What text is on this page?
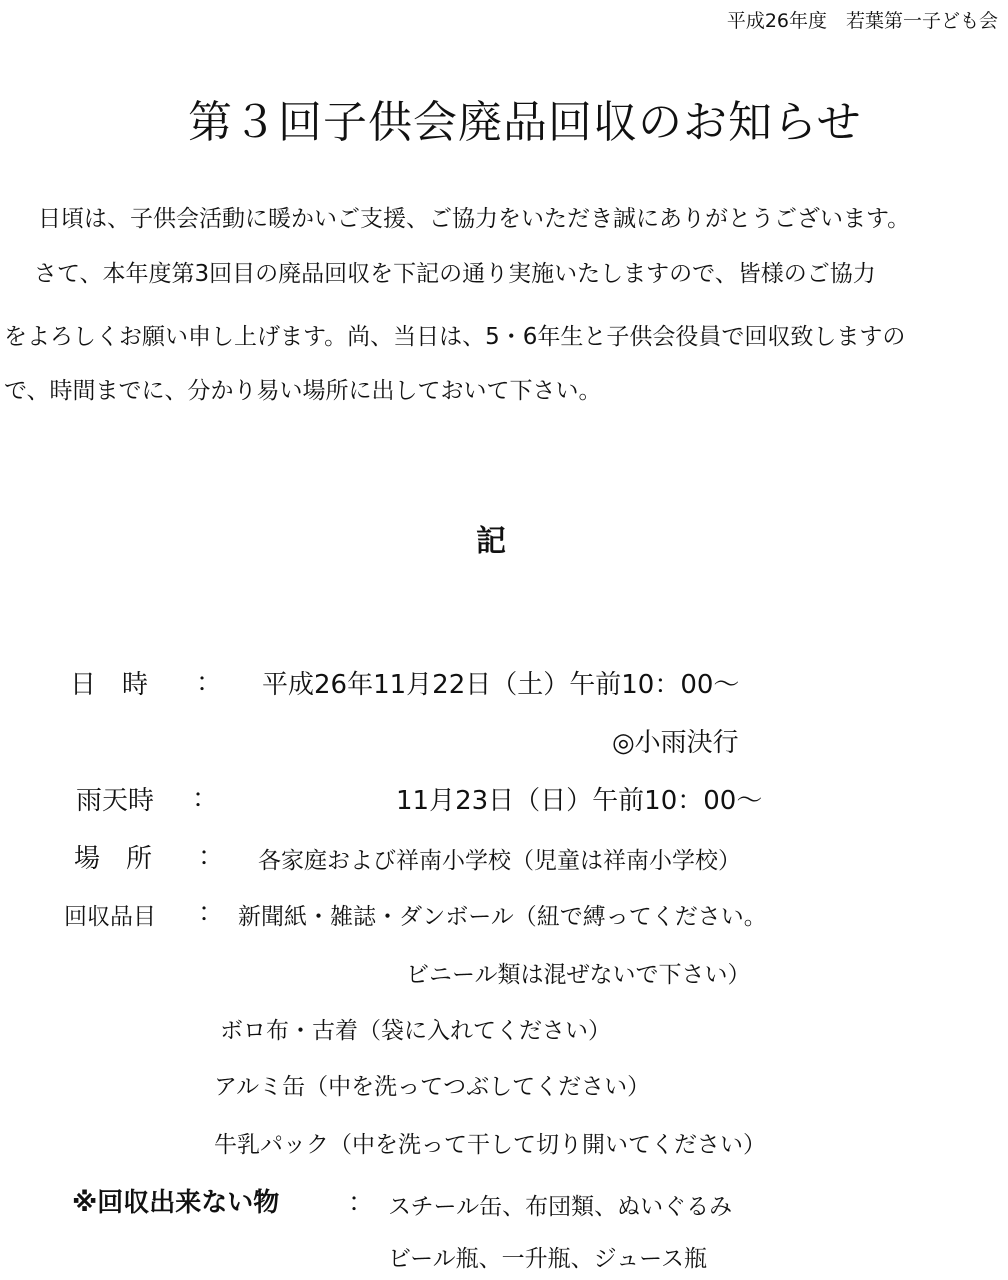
平成26年度　若葉第一子ども会
第３回子供会廃品回収のお知らせ
日頃は、子供会活動に暖かいご支援、ご協力をいただき誠にありがとうございます。
さて、本年度第3回目の廃品回収を下記の通り実施いたしますので、皆様のご協力
をよろしくお願い申し上げます。尚、当日は、5・6年生と子供会役員で回収致しますの
で、時間までに、分かり易い場所に出しておいて下さい。
記
日　時 ： 平成26年11月22日（土）午前10：00～
◎小雨決行
雨天時 ：	11月23日（日）午前10：00～
場　所 ： 各家庭および祥南小学校（児童は祥南小学校）
回収品目 ： 新聞紙・雑誌・ダンボール（紐で縛ってください。
ビニール類は混ぜないで下さい）
ボロ布・古着（袋に入れてください）
アルミ缶（中を洗ってつぶしてください）
牛乳パック（中を洗って干して切り開いてください）
※回収出来ない物	： スチール缶、布団類、ぬいぐるみ
ビール瓶、一升瓶、ジュース瓶
